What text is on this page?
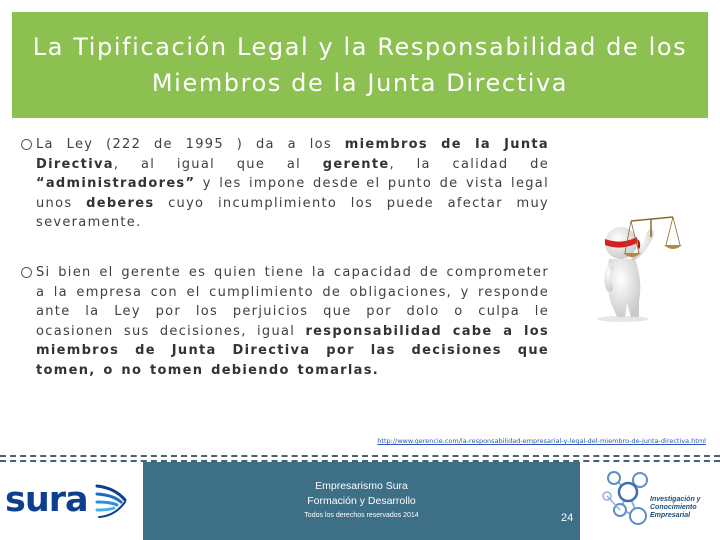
La Tipificación Legal y la Responsabilidad de los Miembros de la Junta Directiva
La Ley (222 de 1995 ) da a los miembros de la Junta Directiva, al igual que al gerente, la calidad de “administradores” y les impone desde el punto de vista legal unos deberes cuyo incumplimiento los puede afectar muy severamente.
Si bien el gerente es quien tiene la capacidad de comprometer a la empresa con el cumplimiento de obligaciones, y responde ante la Ley por los perjuicios que por dolo o culpa le ocasionen sus decisiones, igual responsabilidad cabe a los miembros de Junta Directiva por las decisiones que tomen, o no tomen debiendo tomarlas.
http://www.gerencie.com/la-responsabilidad-empresarial-y-legal-del-miembro-de-junta-directiva.html
sura	Empresarismo Sura
Formación y Desarrollo
Todos los derechos reservados 2014	24
Investigación y
Conocimiento
Empresarial
